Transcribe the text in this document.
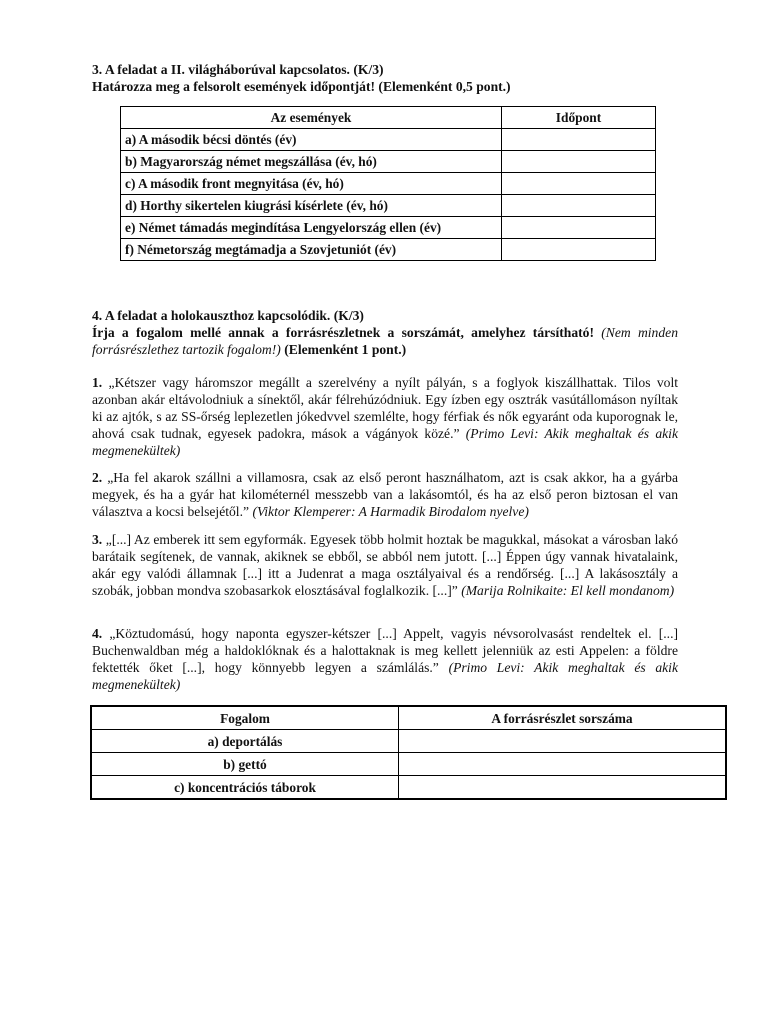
3. A feladat a II. világháborúval kapcsolatos. (K/3)

Határozza meg a felsorolt események időpontját! (Elemenként 0,5 pont.)

Az események	Időpont
a) A második bécsi döntés (év)	
b) Magyarország német megszállása (év, hó)	
c) A második front megnyitása (év, hó)	
d) Horthy sikertelen kiugrási kísérlete (év, hó)	
e) Német támadás megindítása Lengyelország ellen (év)	
f) Németország megtámadja a Szovjetuniót (év)	

4. A feladat a holokauszthoz kapcsolódik. (K/3)

Írja a fogalom mellé annak a forrásrészletnek a sorszámát, amelyhez társítható! (Nem minden forrásrészlethez tartozik fogalom!) (Elemenként 1 pont.)

1. „Kétszer vagy háromszor megállt a szerelvény a nyílt pályán, s a foglyok kiszállhattak. Tilos volt azonban akár eltávolodniuk a sínektől, akár félrehúzódniuk. Egy ízben egy osztrák vasútállomáson nyíltak ki az ajtók, s az SS-őrség leplezetlen jókedvvel szemlélte, hogy férfiak és nők egyaránt oda kuporognak le, ahová csak tudnak, egyesek padokra, mások a vágányok közé.” (Primo Levi: Akik meghaltak és akik megmenekültek)

2. „Ha fel akarok szállni a villamosra, csak az első peront használhatom, azt is csak akkor, ha a gyárba megyek, és ha a gyár hat kilométernél messzebb van a lakásomtól, és ha az első peron biztosan el van választva a kocsi belsejétől.” (Viktor Klemperer: A Harmadik Birodalom nyelve)

3. „[...] Az emberek itt sem egyformák. Egyesek több holmit hoztak be magukkal, másokat a városban lakó barátaik segítenek, de vannak, akiknek se ebből, se abból nem jutott. [...] Éppen úgy vannak hivatalaink, akár egy valódi államnak [...] itt a Judenrat a maga osztályaival és a rendőrség. [...] A lakásosztály a szobák, jobban mondva szobasarkok elosztásával foglalkozik. [...]” (Marija Rolnikaite: El kell mondanom)

4. „Köztudomású, hogy naponta egyszer-kétszer [...] Appelt, vagyis névsorolvasást rendeltek el. [...] Buchenwaldban még a haldoklóknak és a halottaknak is meg kellett jelenniük az esti Appelen: a földre fektették őket [...], hogy könnyebb legyen a számlálás.” (Primo Levi: Akik meghaltak és akik megmenekültek)

Fogalom	A forrásrészlet sorszáma
a) deportálás	
b) gettó	
c) koncentrációs táborok	
